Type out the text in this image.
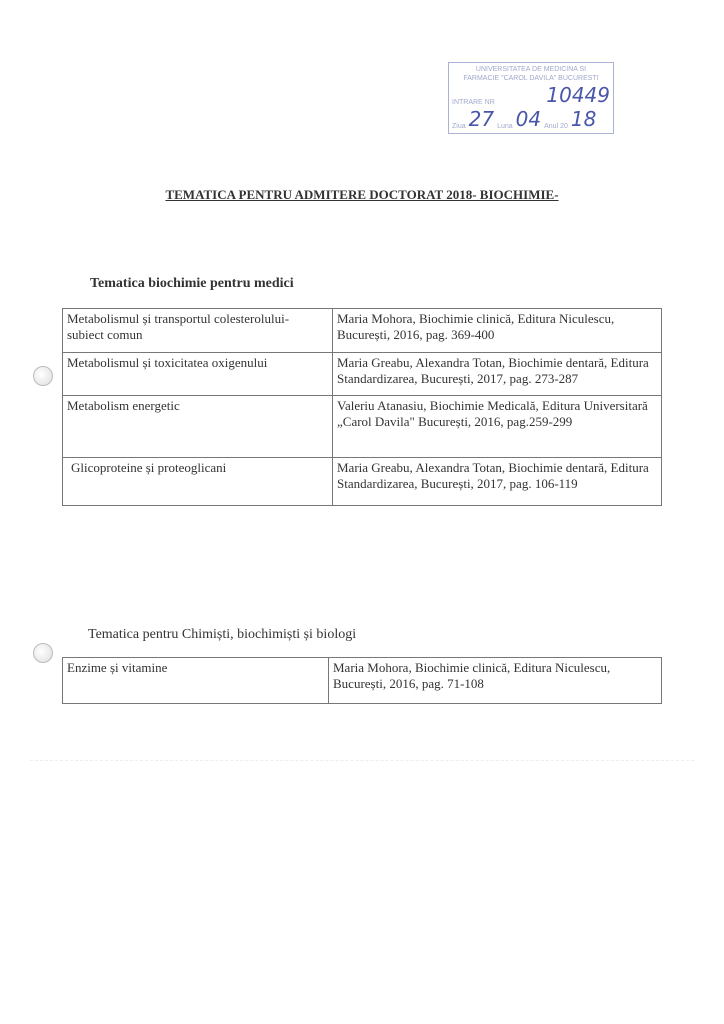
UNIVERSITATEA DE MEDICINA SI
FARMACIE "CAROL DAVILA" BUCURESTI
INTRARE NR	10449
Ziua 27 Luna 04 Anul 20 18
TEMATICA PENTRU ADMITERE DOCTORAT 2018- BIOCHIMIE-
Tematica biochimie pentru medici
Metabolismul și transportul colesterolului- subiect comun	Maria Mohora, Biochimie clinică, Editura Niculescu, București, 2016, pag. 369-400
Metabolismul și toxicitatea oxigenului	Maria Greabu, Alexandra Totan, Biochimie dentară, Editura Standardizarea, București, 2017, pag. 273-287
Metabolism energetic	Valeriu Atanasiu, Biochimie Medicală, Editura Universitară „Carol Davila" București, 2016, pag.259-299
Glicoproteine și proteoglicani	Maria Greabu, Alexandra Totan, Biochimie dentară, Editura Standardizarea, București, 2017, pag. 106-119
Tematica pentru Chimiști, biochimiști și biologi
Enzime și vitamine	Maria Mohora, Biochimie clinică, Editura Niculescu, București, 2016, pag. 71-108
